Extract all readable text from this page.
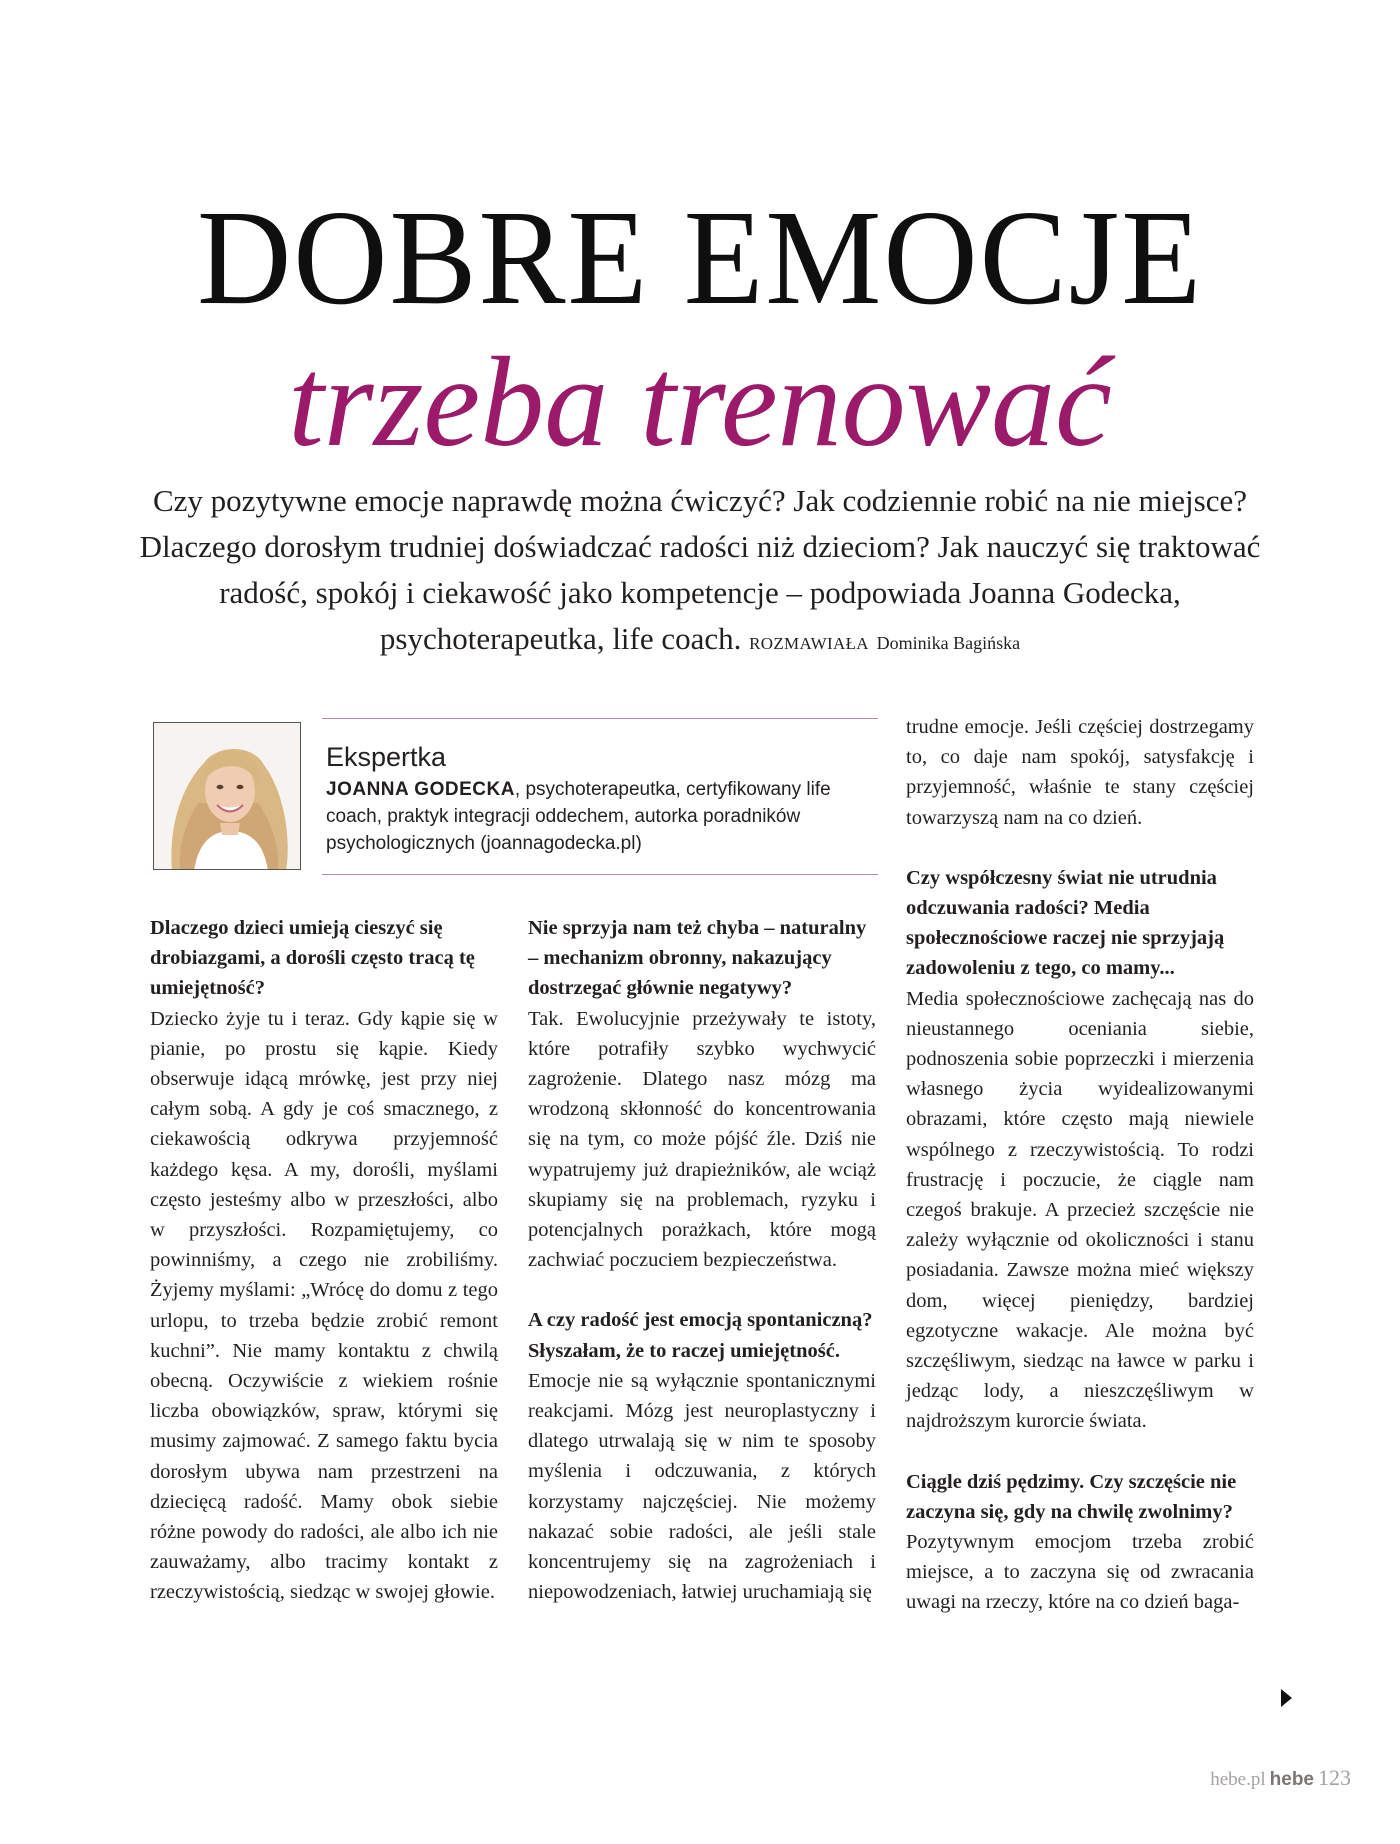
DOBRE EMOCJE
trzeba trenować

Czy pozytywne emocje naprawdę można ćwiczyć? Jak codziennie robić na nie miejsce? Dlaczego dorosłym trudniej doświadczać radości niż dzieciom? Jak nauczyć się traktować radość, spokój i ciekawość jako kompetencje – podpowiada Joanna Godecka, psychoterapeutka, life coach. ROZMAWIAŁA Dominika Bagińska

Ekspertka

JOANNA GODECKA, psychoterapeutka, certyfikowany life coach, praktyk integracji oddechem, autorka poradników psychologicznych (joannagodecka.pl)

Dlaczego dzieci umieją cieszyć się drobiazgami, a dorośli często tracą tę umiejętność?

Dziecko żyje tu i teraz. Gdy kąpie się w pianie, po prostu się kąpie. Kiedy obserwuje idącą mrówkę, jest przy niej całym sobą. A gdy je coś smacznego, z ciekawością odkrywa przyjemność każdego kęsa. A my, dorośli, myślami często jesteśmy albo w przeszłości, albo w przyszłości. Rozpamiętujemy, co powinniśmy, a czego nie zrobiliśmy. Żyjemy myślami: „Wrócę do domu z tego urlopu, to trzeba będzie zrobić remont kuchni”. Nie mamy kontaktu z chwilą obecną. Oczywiście z wiekiem rośnie liczba obowiązków, spraw, którymi się musimy zajmować. Z samego faktu bycia dorosłym ubywa nam przestrzeni na dziecięcą radość. Mamy obok siebie różne powody do radości, ale albo ich nie zauważamy, albo tracimy kontakt z rzeczywistością, siedząc w swojej głowie.

Nie sprzyja nam też chyba – naturalny – mechanizm obronny, nakazujący dostrzegać głównie negatywy?

Tak. Ewolucyjnie przeżywały te istoty, które potrafiły szybko wychwycić zagrożenie. Dlatego nasz mózg ma wrodzoną skłonność do koncentrowania się na tym, co może pójść źle. Dziś nie wypatrujemy już drapieżników, ale wciąż skupiamy się na problemach, ryzyku i potencjalnych porażkach, które mogą zachwiać poczuciem bezpieczeństwa.

A czy radość jest emocją spontaniczną? Słyszałam, że to raczej umiejętność.

Emocje nie są wyłącznie spontanicznymi reakcjami. Mózg jest neuroplastyczny i dlatego utrwalają się w nim te sposoby myślenia i odczuwania, z których korzystamy najczęściej. Nie możemy nakazać sobie radości, ale jeśli stale koncentrujemy się na zagrożeniach i niepowodzeniach, łatwiej uruchamiają się

trudne emocje. Jeśli częściej dostrzegamy to, co daje nam spokój, satysfakcję i przyjemność, właśnie te stany częściej towarzyszą nam na co dzień.

Czy współczesny świat nie utrudnia odczuwania radości? Media społecznościowe raczej nie sprzyjają zadowoleniu z tego, co mamy...

Media społecznościowe zachęcają nas do nieustannego oceniania siebie, podnoszenia sobie poprzeczki i mierzenia własnego życia wyidealizowanymi obrazami, które często mają niewiele wspólnego z rzeczywistością. To rodzi frustrację i poczucie, że ciągle nam czegoś brakuje. A przecież szczęście nie zależy wyłącznie od okoliczności i stanu posiadania. Zawsze można mieć większy dom, więcej pieniędzy, bardziej egzotyczne wakacje. Ale można być szczęśliwym, siedząc na ławce w parku i jedząc lody, a nieszczęśliwym w najdroższym kurorcie świata.

Ciągle dziś pędzimy. Czy szczęście nie zaczyna się, gdy na chwilę zwolnimy?

Pozytywnym emocjom trzeba zrobić miejsce, a to zaczyna się od zwracania uwagi na rzeczy, które na co dzień baga-

hebe.pl hebe 123
